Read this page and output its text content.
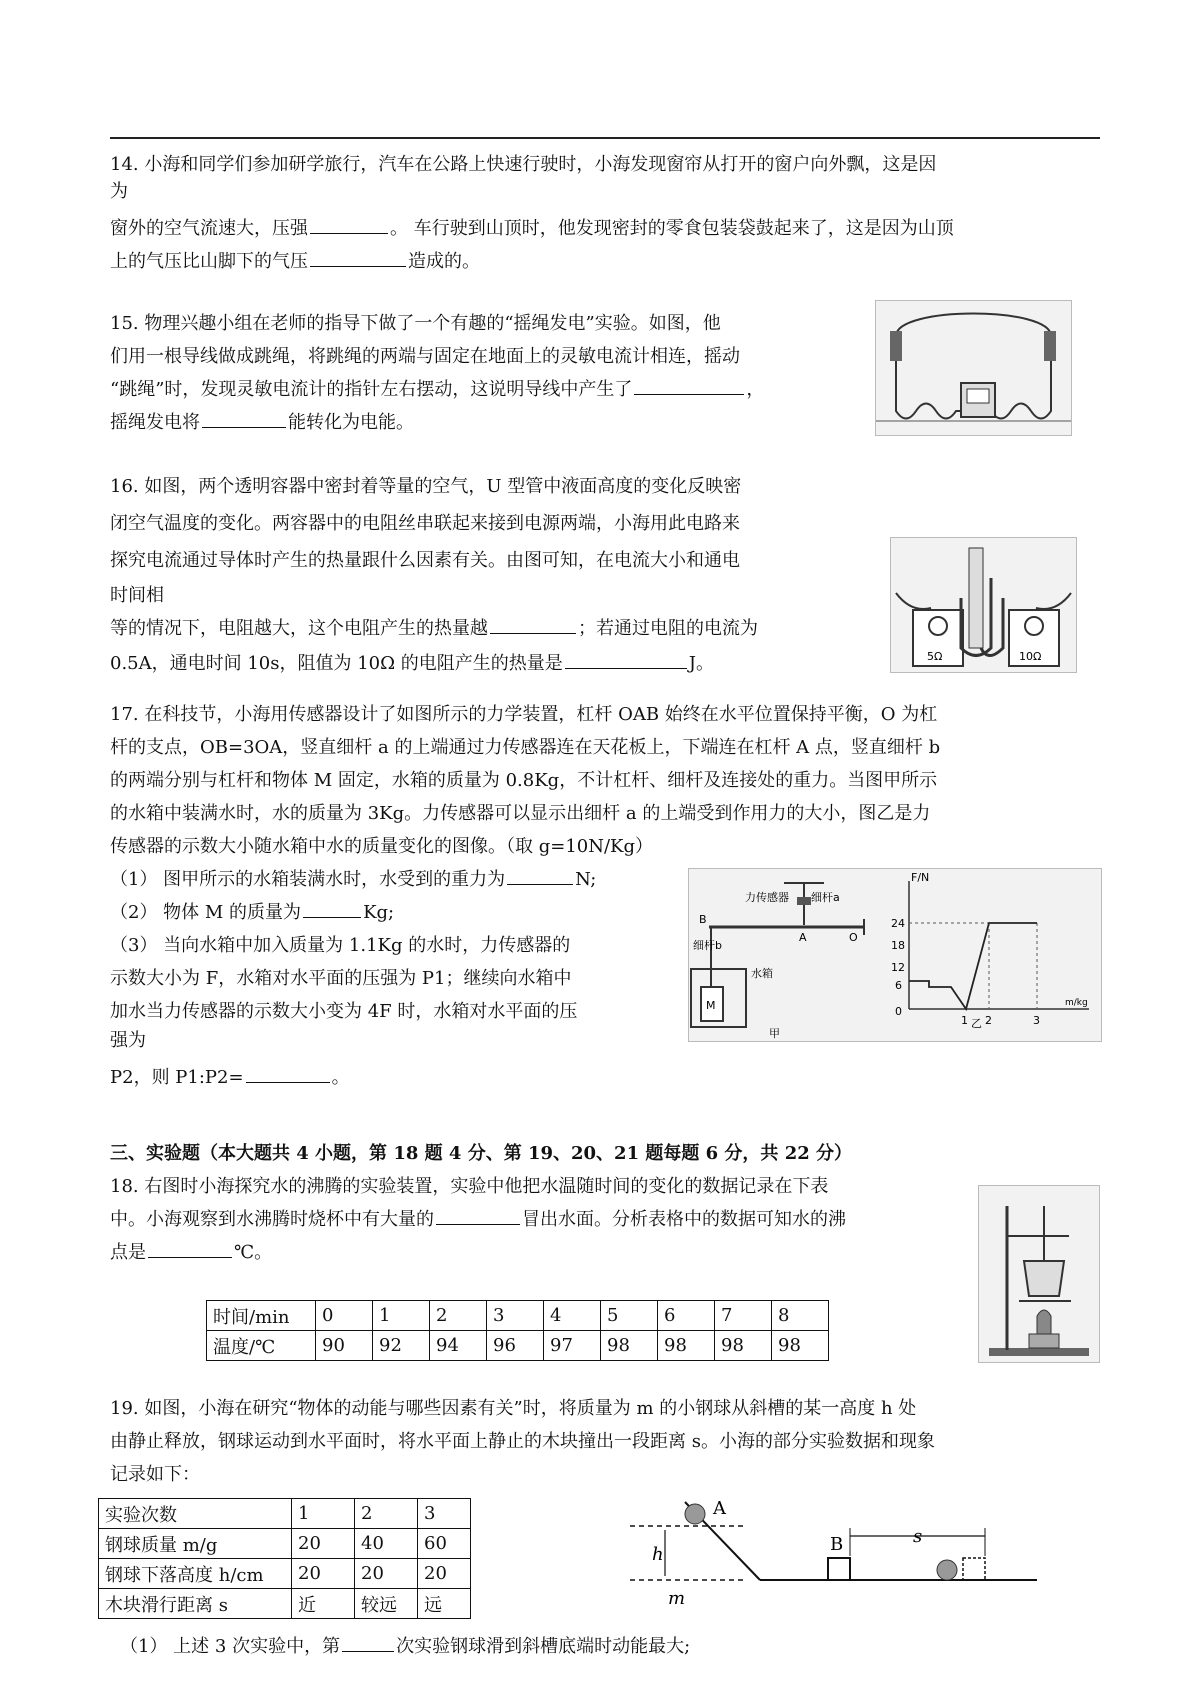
14. 小海和同学们参加研学旅行，汽车在公路上快速行驶时，小海发现窗帘从打开的窗户向外飘，这是因
为
窗外的空气流速大，压强	。 车行驶到山顶时，他发现密封的零食包装袋鼓起来了，这是因为山顶
上的气压比山脚下的气压	造成的。
15. 物理兴趣小组在老师的指导下做了一个有趣的“摇绳发电”实验。如图，他
们用一根导线做成跳绳，将跳绳的两端与固定在地面上的灵敏电流计相连，摇动
“跳绳”时，发现灵敏电流计的指针左右摆动，这说明导线中产生了	，
摇绳发电将	能转化为电能。
16. 如图，两个透明容器中密封着等量的空气，U 型管中液面高度的变化反映密
闭空气温度的变化。两容器中的电阻丝串联起来接到电源两端，小海用此电路来
探究电流通过导体时产生的热量跟什么因素有关。由图可知，在电流大小和通电
时间相
等的情况下，电阻越大，这个电阻产生的热量越	；若通过电阻的电流为
0.5A，通电时间 10s，阻值为 10Ω 的电阻产生的热量是	J。	5Ω	10Ω
17. 在科技节，小海用传感器设计了如图所示的力学装置，杠杆 OAB 始终在水平位置保持平衡，O 为杠
杆的支点，OB=3OA，竖直细杆 a 的上端通过力传感器连在天花板上，下端连在杠杆 A 点，竖直细杆 b
的两端分别与杠杆和物体 M 固定，水箱的质量为 0.8Kg，不计杠杆、细杆及连接处的重力。当图甲所示
的水箱中装满水时，水的质量为 3Kg。力传感器可以显示出细杆 a 的上端受到作用力的大小，图乙是力
传感器的示数大小随水箱中水的质量变化的图像。（取 g=10N/Kg）
（1） 图甲所示的水箱装满水时，水受到的重力为	N;
（2） 物体 M 的质量为	Kg;
（3） 当向水箱中加入质量为 1.1Kg 的水时，力传感器的
示数大小为 F，水箱对水平面的压强为 P1；继续向水箱中
加水当力传感器的示数大小变为 4F 时，水箱对水平面的压
强为
P2，则 P1:P2=	。
力传感器 细杆a
细杆b
水箱
M
B
A	O
甲
F/N
m/kg
24
18
12
6
0
1 2	3
乙
三、实验题（本大题共 4 小题，第 18 题 4 分、第 19、20、21 题每题 6 分，共 22 分）
18. 右图时小海探究水的沸腾的实验装置，实验中他把水温随时间的变化的数据记录在下表
中。小海观察到水沸腾时烧杯中有大量的	冒出水面。分析表格中的数据可知水的沸
点是	℃。
时间/min	0	1	2	3	4	5	6	7	8
温度/℃	90	92	94	96	97	98	98	98	98
19. 如图，小海在研究“物体的动能与哪些因素有关”时，将质量为 m 的小钢球从斜槽的某一高度 h 处
由静止释放，钢球运动到水平面时，将水平面上静止的木块撞出一段距离 s。小海的部分实验数据和现象
记录如下：
实验次数	1	2	3
钢球质量 m/g	20	40	60
钢球下落高度 h/cm	20	20	20
木块滑行距离 s	近	较远	远
A
h	B	s
m
（1） 上述 3 次实验中，第	次实验钢球滑到斜槽底端时动能最大;
